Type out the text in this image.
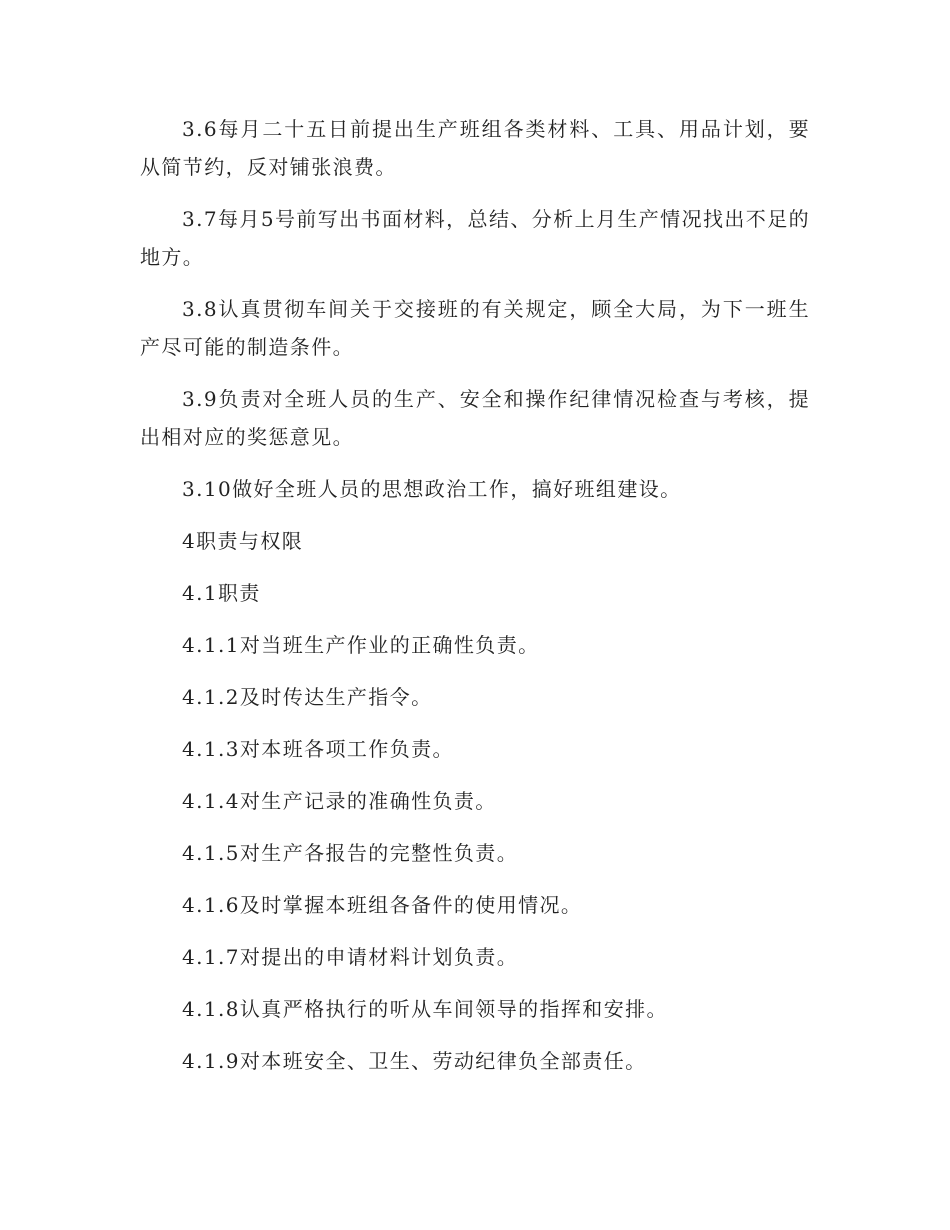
3.6每月二十五日前提出生产班组各类材料、工具、用品计划，要从简节约，反对铺张浪费。

3.7每月5号前写出书面材料，总结、分析上月生产情况找出不足的地方。

3.8认真贯彻车间关于交接班的有关规定，顾全大局，为下一班生产尽可能的制造条件。

3.9负责对全班人员的生产、安全和操作纪律情况检查与考核，提出相对应的奖惩意见。

3.10做好全班人员的思想政治工作，搞好班组建设。

4职责与权限

4.1职责

4.1.1对当班生产作业的正确性负责。

4.1.2及时传达生产指令。

4.1.3对本班各项工作负责。

4.1.4对生产记录的准确性负责。

4.1.5对生产各报告的完整性负责。

4.1.6及时掌握本班组各备件的使用情况。

4.1.7对提出的申请材料计划负责。

4.1.8认真严格执行的听从车间领导的指挥和安排。

4.1.9对本班安全、卫生、劳动纪律负全部责任。
